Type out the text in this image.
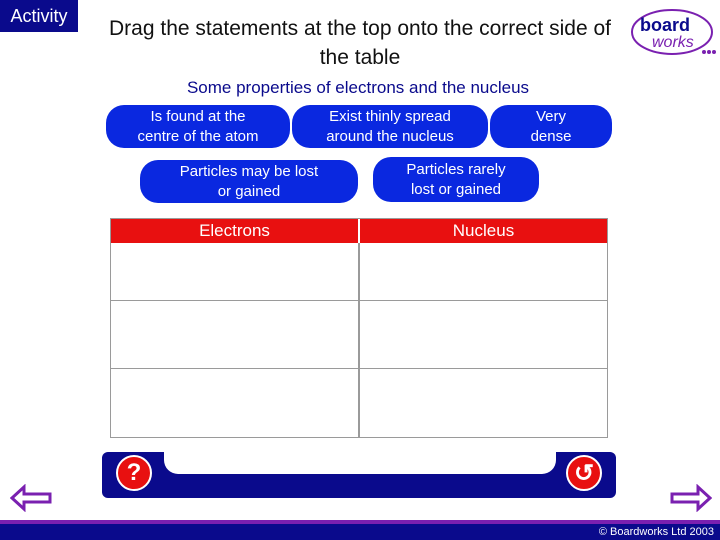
Activity
Drag the statements at the top onto the correct side of the table
board
works
Some properties of electrons and the nucleus
Is found at the
centre of the atom
Exist thinly spread
around the nucleus
Very
dense
Particles may be lost
or gained
Particles rarely
lost or gained
Electrons	Nucleus
?	↺
© Boardworks Ltd 2003
